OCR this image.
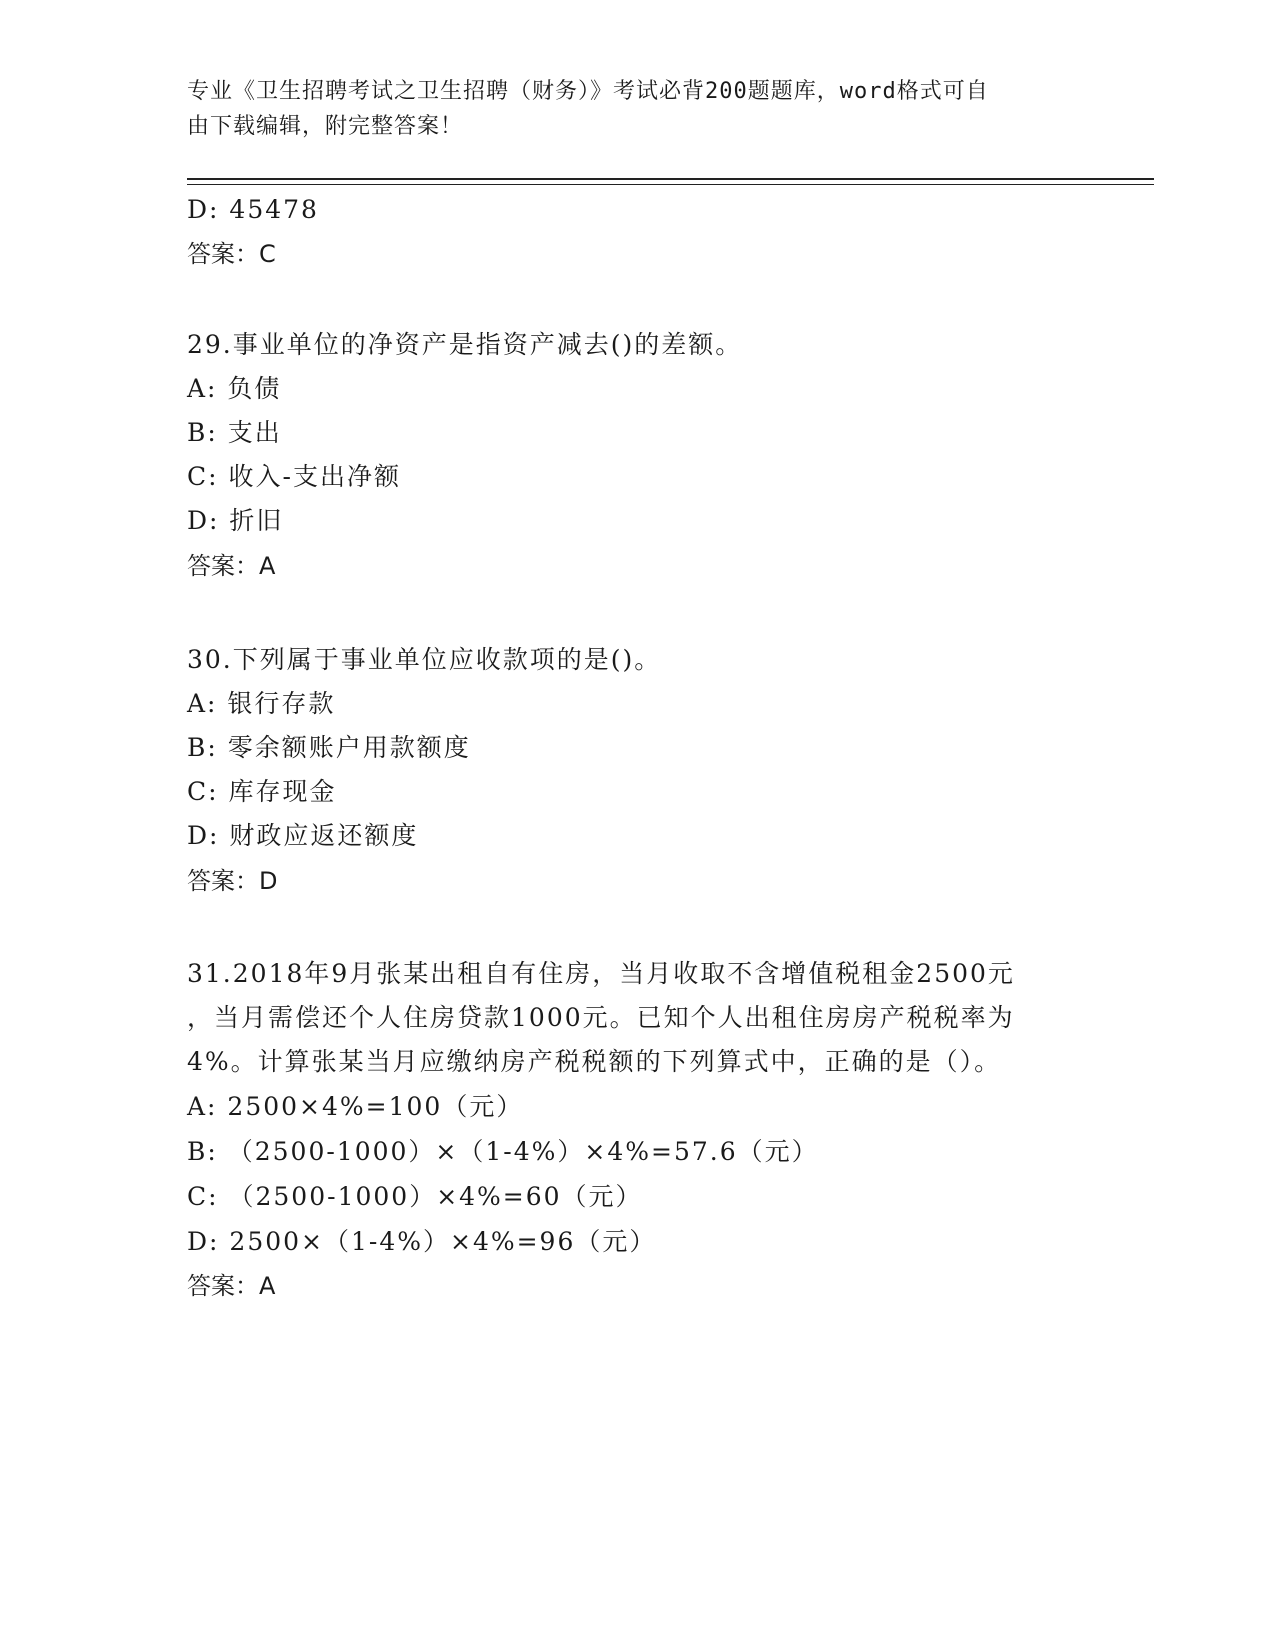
专业《卫生招聘考试之卫生招聘（财务）》考试必背200题题库，word格式可自
由下载编辑，附完整答案！
D: 45478
答案：C
29.事业单位的净资产是指资产减去()的差额。
A: 负债
B: 支出
C: 收入-支出净额
D: 折旧
答案：A
30.下列属于事业单位应收款项的是()。
A: 银行存款
B: 零余额账户用款额度
C: 库存现金
D: 财政应返还额度
答案：D
31.2018年9月张某出租自有住房，当月收取不含增值税租金2500元
，当月需偿还个人住房贷款1000元。已知个人出租住房房产税税率为
4%。计算张某当月应缴纳房产税税额的下列算式中，正确的是（）。
A: 2500×4%=100（元）
B: （2500-1000）×（1-4%）×4%=57.6（元）
C: （2500-1000）×4%=60（元）
D: 2500×（1-4%）×4%=96（元）
答案：A
